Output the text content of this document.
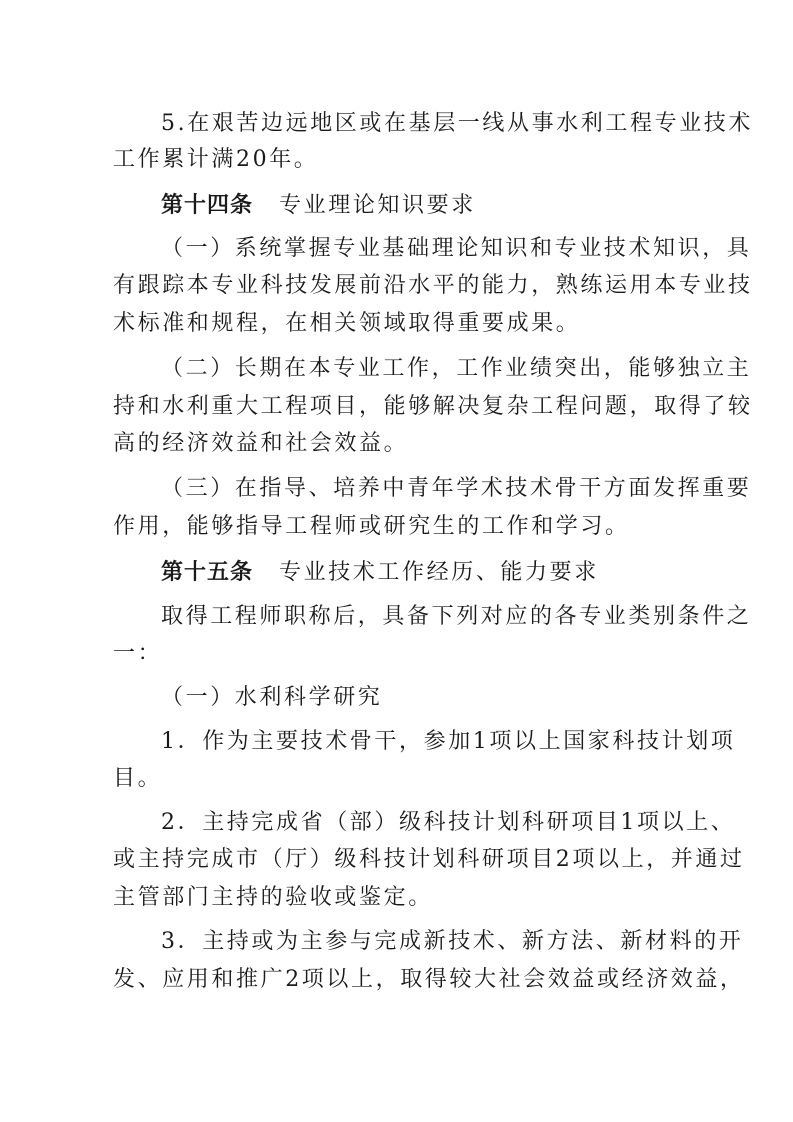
5.在艰苦边远地区或在基层一线从事水利工程专业技术
工作累计满20年。
第十四条 专业理论知识要求
（一）系统掌握专业基础理论知识和专业技术知识，具
有跟踪本专业科技发展前沿水平的能力，熟练运用本专业技
术标准和规程，在相关领域取得重要成果。
（二）长期在本专业工作，工作业绩突出，能够独立主
持和水利重大工程项目，能够解决复杂工程问题，取得了较
高的经济效益和社会效益。
（三）在指导、培养中青年学术技术骨干方面发挥重要
作用，能够指导工程师或研究生的工作和学习。
第十五条 专业技术工作经历、能力要求
取得工程师职称后，具备下列对应的各专业类别条件之
一：
（一）水利科学研究
1．作为主要技术骨干，参加1项以上国家科技计划项
目。
2．主持完成省（部）级科技计划科研项目1项以上、
或主持完成市（厅）级科技计划科研项目2项以上，并通过
主管部门主持的验收或鉴定。
3．主持或为主参与完成新技术、新方法、新材料的开
发、应用和推广2项以上，取得较大社会效益或经济效益，
